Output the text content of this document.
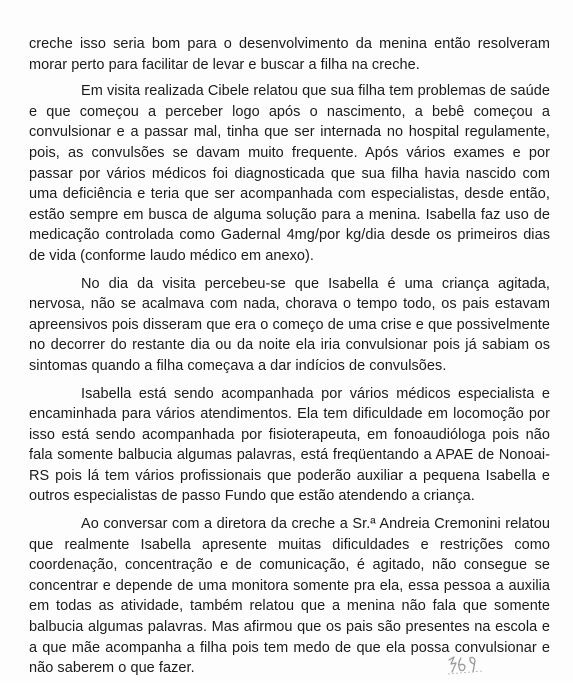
creche isso seria bom para o desenvolvimento da menina então resolveram morar perto para facilitar de levar e buscar a filha na creche.

Em visita realizada Cibele relatou que sua filha tem problemas de saúde e que começou a perceber logo após o nascimento, a bebê começou a convulsionar e a passar mal, tinha que ser internada no hospital regulamente, pois, as convulsões se davam muito frequente. Após vários exames e por passar por vários médicos foi diagnosticada que sua filha havia nascido com uma deficiência e teria que ser acompanhada com especialistas, desde então, estão sempre em busca de alguma solução para a menina. Isabella faz uso de medicação controlada como Gadernal 4mg/por kg/dia desde os primeiros dias de vida (conforme laudo médico em anexo).

No dia da visita percebeu-se que Isabella é uma criança agitada, nervosa, não se acalmava com nada, chorava o tempo todo, os pais estavam apreensivos pois disseram que era o começo de uma crise e que possivelmente no decorrer do restante dia ou da noite ela iria convulsionar pois já sabiam os sintomas quando a filha começava a dar indícios de convulsões.

Isabella está sendo acompanhada por vários médicos especialista e encaminhada para vários atendimentos. Ela tem dificuldade em locomoção por isso está sendo acompanhada por fisioterapeuta, em fonoaudióloga pois não fala somente balbucia algumas palavras, está freqüentando a APAE de Nonoai-RS pois lá tem vários profissionais que poderão auxiliar a pequena Isabella e outros especialistas de passo Fundo que estão atendendo a criança.

Ao conversar com a diretora da creche a Sr.ª Andreia Cremonini relatou que realmente Isabella apresente muitas dificuldades e restrições como coordenação, concentração e de comunicação, é agitado, não consegue se concentrar e depende de uma monitora somente pra ela, essa pessoa a auxilia em todas as atividade, também relatou que a menina não fala que somente balbucia algumas palavras. Mas afirmou que os pais são presentes na escola e a que mãe acompanha a filha pois tem medo de que ela possa convulsionar e não saberem o que fazer.
